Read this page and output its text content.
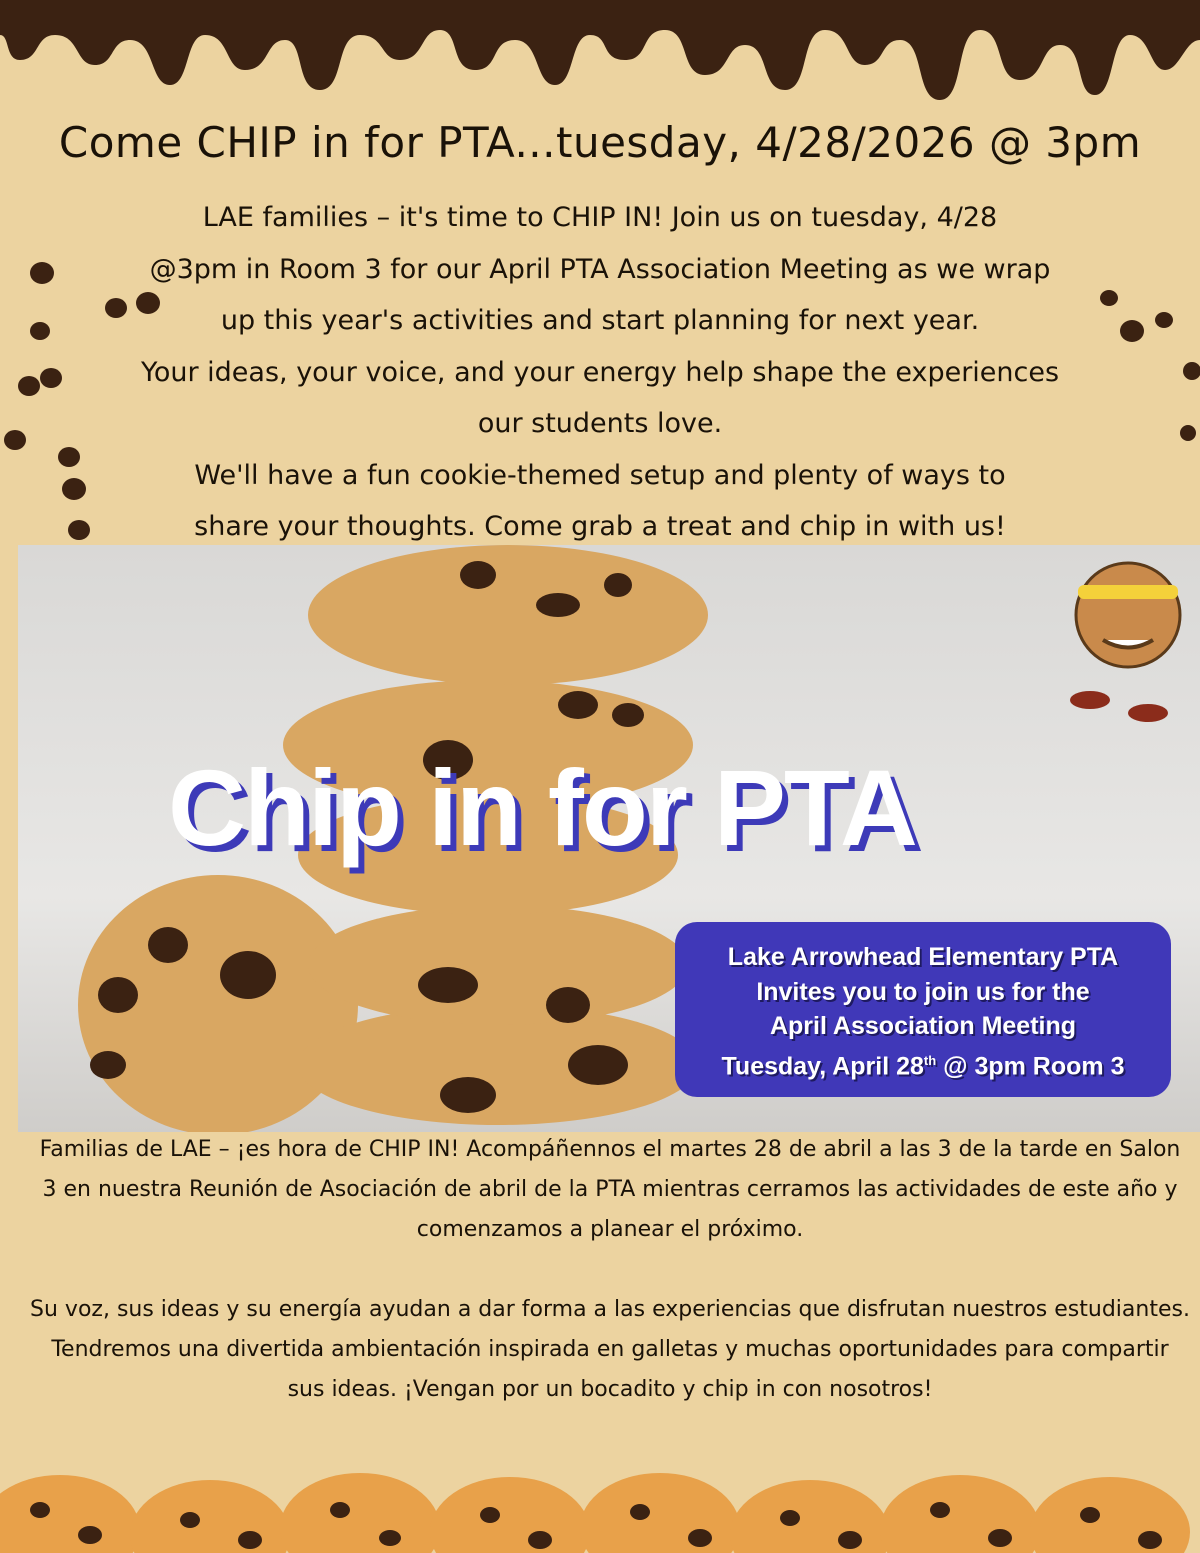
Come CHIP in for PTA...tuesday, 4/28/2026 @ 3pm
LAE families – it's time to CHIP IN! Join us on tuesday, 4/28
@3pm in Room 3 for our April PTA Association Meeting as we wrap
up this year's activities and start planning for next year.
Your ideas, your voice, and your energy help shape the experiences
our students love.
We'll have a fun cookie-themed setup and plenty of ways to
share your thoughts. Come grab a treat and chip in with us!
Chip in for PTA
Lake Arrowhead Elementary PTA
Invites you to join us for the
April Association Meeting
Tuesday, April 28th @ 3pm Room 3

Familias de LAE – ¡es hora de CHIP IN! Acompáñennos el martes 28 de abril a las 3 de la tarde en Salon 3 en nuestra Reunión de Asociación de abril de la PTA mientras cerramos las actividades de este año y comenzamos a planear el próximo.

Su voz, sus ideas y su energía ayudan a dar forma a las experiencias que disfrutan nuestros estudiantes.

Tendremos una divertida ambientación inspirada en galletas y muchas oportunidades para compartir sus ideas. ¡Vengan por un bocadito y chip in con nosotros!
